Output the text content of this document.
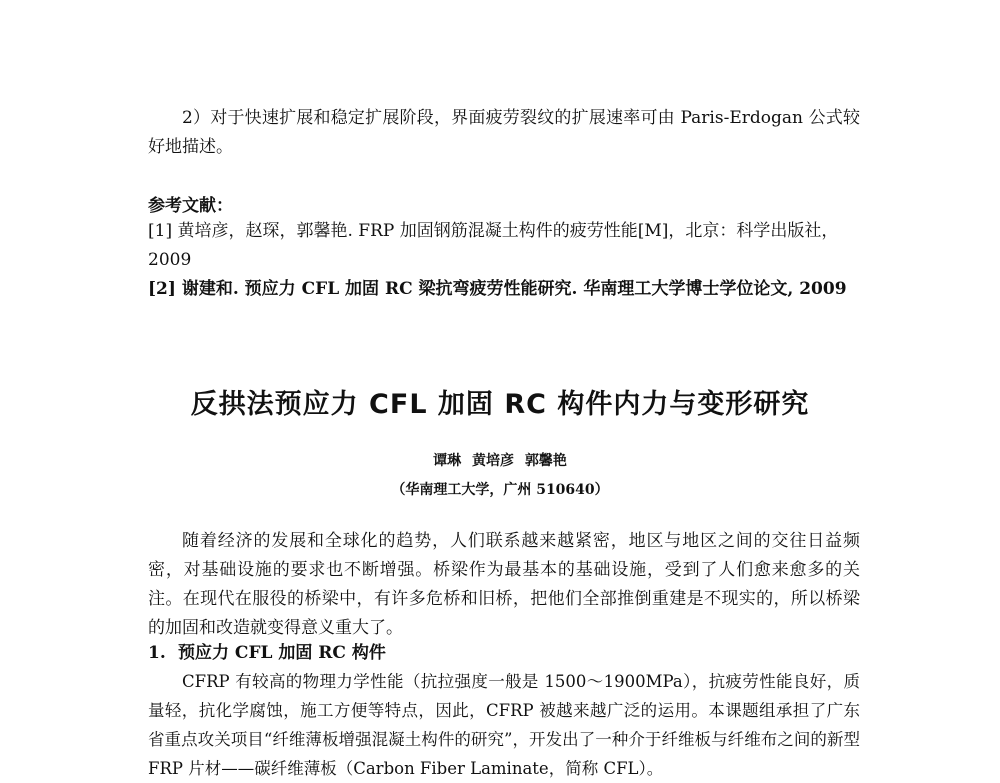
2）对于快速扩展和稳定扩展阶段，界面疲劳裂纹的扩展速率可由 Paris-Erdogan 公式较好地描述。
参考文献：
[1] 黄培彦，赵琛，郭馨艳. FRP 加固钢筋混凝土构件的疲劳性能[M]，北京：科学出版社，2009
[2] 谢建和. 预应力 CFL 加固 RC 梁抗弯疲劳性能研究. 华南理工大学博士学位论文, 2009
反拱法预应力 CFL 加固 RC 构件内力与变形研究
谭琳 黄培彦 郭馨艳
（华南理工大学，广州 510640）
随着经济的发展和全球化的趋势，人们联系越来越紧密，地区与地区之间的交往日益频密，对基础设施的要求也不断增强。桥梁作为最基本的基础设施，受到了人们愈来愈多的关注。在现代在服役的桥梁中，有许多危桥和旧桥，把他们全部推倒重建是不现实的，所以桥梁的加固和改造就变得意义重大了。
1. 预应力 CFL 加固 RC 构件
CFRP 有较高的物理力学性能（抗拉强度一般是 1500～1900MPa），抗疲劳性能良好，质量轻，抗化学腐蚀，施工方便等特点，因此，CFRP 被越来越广泛的运用。本课题组承担了广东省重点攻关项目“纤维薄板增强混凝土构件的研究”，开发出了一种介于纤维板与纤维布之间的新型 FRP 片材——碳纤维薄板（Carbon Fiber Laminate，简称 CFL）。
